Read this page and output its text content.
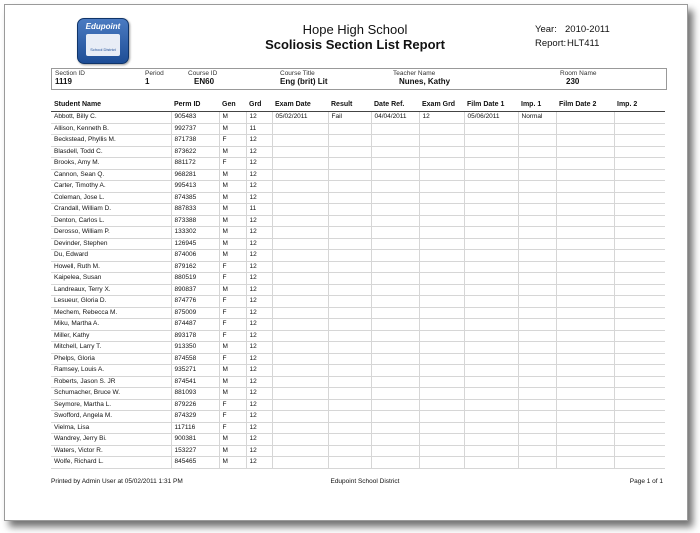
Edupoint
School District
Hope High School
Scoliosis Section List Report
Year: 2010-2011
Report: HLT411
Section ID
1119
Period
1
Course ID
EN60
Course Title
Eng (brit) Lit
Teacher Name
Nunes, Kathy
Room Name
230
Student Name	Perm ID	Gen	Grd	Exam Date	Result	Date Ref.	Exam Grd	Film Date 1	Imp. 1	Film Date 2	Imp. 2
Abbott, Billy C.	905483	M	12	05/02/2011	Fail	04/04/2011	12	05/06/2011	Normal		
Allison, Kenneth B.	992737	M	11								
Beckstead, Phyllis M.	871738	F	12								
Blasdell, Todd C.	873622	M	12								
Brooks, Amy M.	881172	F	12								
Cannon, Sean Q.	968281	M	12								
Carter, Timothy A.	995413	M	12								
Coleman, Jose L.	874385	M	12								
Crandall, William D.	887833	M	11								
Denton, Carlos L.	873388	M	12								
Derosso, William P.	133302	M	12								
Devinder, Stephen	126945	M	12								
Du, Edward	874006	M	12								
Howell, Ruth M.	879162	F	12								
Kaipelea, Susan	880519	F	12								
Landreaux, Terry X.	890837	M	12								
Lesueur, Gloria D.	874776	F	12								
Mechem, Rebecca M.	875009	F	12								
Miku, Martha A.	874487	F	12								
Miller, Kathy	893178	F	12								
Mitchell, Larry T.	913350	M	12								
Phelps, Gloria	874558	F	12								
Ramsey, Louis A.	935271	M	12								
Roberts, Jason S. JR	874541	M	12								
Schumacher, Bruce W.	881093	M	12								
Seymore, Martha L.	879226	F	12								
Swofford, Angela M.	874329	F	12								
Vielma, Lisa	117116	F	12								
Wandrey, Jerry Bi.	900381	M	12								
Waters, Victor R.	153227	M	12								
Wolfe, Richard L.	845465	M	12								
Printed by Admin User at 05/02/2011 1:31 PM	Edupoint School District	Page 1 of 1
